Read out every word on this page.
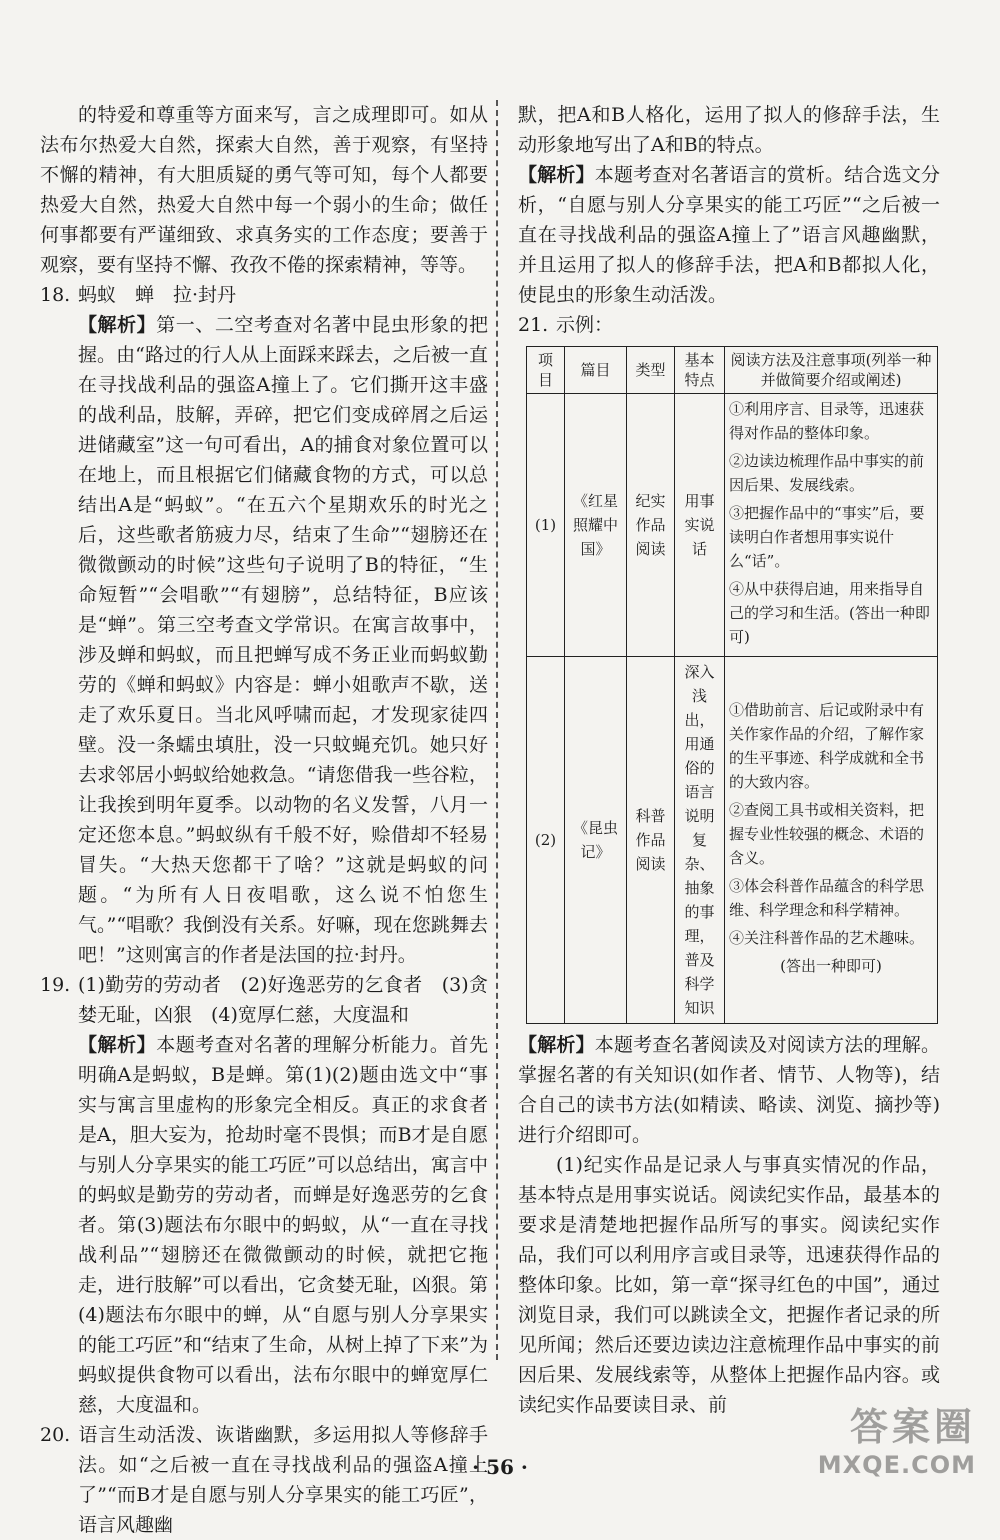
的特爱和尊重等方面来写，言之成理即可。如从法布尔热爱大自然，探索大自然，善于观察，有坚持不懈的精神，有大胆质疑的勇气等可知，每个人都要热爱大自然，热爱大自然中每一个弱小的生命；做任何事都要有严谨细致、求真务实的工作态度；要善于观察，要有坚持不懈、孜孜不倦的探索精神，等等。

18. 蚂蚁　蝉　拉·封丹

【解析】第一、二空考查对名著中昆虫形象的把握。由“路过的行人从上面踩来踩去，之后被一直在寻找战利品的强盗A撞上了。它们撕开这丰盛的战利品，肢解，弄碎，把它们变成碎屑之后运进储藏室”这一句可看出，A的捕食对象位置可以在地上，而且根据它们储藏食物的方式，可以总结出A是“蚂蚁”。“在五六个星期欢乐的时光之后，这些歌者筋疲力尽，结束了生命”“翅膀还在微微颤动的时候”这些句子说明了B的特征，“生命短暂”“会唱歌”“有翅膀”，总结特征，B应该是“蝉”。第三空考查文学常识。在寓言故事中，涉及蝉和蚂蚁，而且把蝉写成不务正业而蚂蚁勤劳的《蝉和蚂蚁》内容是：蝉小姐歌声不歇，送走了欢乐夏日。当北风呼啸而起，才发现家徒四壁。没一条蠕虫填肚，没一只蚊蝇充饥。她只好去求邻居小蚂蚁给她救急。“请您借我一些谷粒，让我挨到明年夏季。以动物的名义发誓，八月一定还您本息。”蚂蚁纵有千般不好，赊借却不轻易冒失。“大热天您都干了啥？”这就是蚂蚁的问题。“为所有人日夜唱歌，这么说不怕您生气。”“唱歌？我倒没有关系。好嘛，现在您跳舞去吧！”这则寓言的作者是法国的拉·封丹。

19. (1)勤劳的劳动者　(2)好逸恶劳的乞食者　(3)贪婪无耻，凶狠　(4)宽厚仁慈，大度温和

【解析】本题考查对名著的理解分析能力。首先明确A是蚂蚁，B是蝉。第(1)(2)题由选文中“事实与寓言里虚构的形象完全相反。真正的求食者是A，胆大妄为，抢劫时毫不畏惧；而B才是自愿与别人分享果实的能工巧匠”可以总结出，寓言中的蚂蚁是勤劳的劳动者，而蝉是好逸恶劳的乞食者。第(3)题法布尔眼中的蚂蚁，从“一直在寻找战利品”“翅膀还在微微颤动的时候，就把它拖走，进行肢解”可以看出，它贪婪无耻，凶狠。第(4)题法布尔眼中的蝉，从“自愿与别人分享果实的能工巧匠”和“结束了生命，从树上掉了下来”为蚂蚁提供食物可以看出，法布尔眼中的蝉宽厚仁慈，大度温和。

20. 语言生动活泼、诙谐幽默，多运用拟人等修辞手法。如“之后被一直在寻找战利品的强盗A撞上了”“而B才是自愿与别人分享果实的能工巧匠”，语言风趣幽

默，把A和B人格化，运用了拟人的修辞手法，生动形象地写出了A和B的特点。

【解析】本题考查对名著语言的赏析。结合选文分析，“自愿与别人分享果实的能工巧匠”“之后被一直在寻找战利品的强盗A撞上了”语言风趣幽默，并且运用了拟人的修辞手法，把A和B都拟人化，使昆虫的形象生动活泼。

21. 示例：

项目	篇目	类型	基本特点	阅读方法及注意事项(列举一种并做简要介绍或阐述)
(1)	《红星照耀中国》	纪实作品阅读	用事实说话	①利用序言、目录等，迅速获得对作品的整体印象。
②边读边梳理作品中事实的前因后果、发展线索。
③把握作品中的“事实”后，要读明白作者想用事实说什么“话”。
④从中获得启迪，用来指导自己的学习和生活。(答出一种即可)

(2)	《昆虫记》	科普作品阅读	深入浅出，用通俗的语言说明复杂、抽象的事理，普及科学知识	①借助前言、后记或附录中有关作家作品的介绍，了解作家的生平事迹、科学成就和全书的大致内容。
②查阅工具书或相关资料，把握专业性较强的概念、术语的含义。
③体会科普作品蕴含的科学思维、科学理念和科学精神。
④关注科普作品的艺术趣味。
(答出一种即可)

【解析】本题考查名著阅读及对阅读方法的理解。掌握名著的有关知识(如作者、情节、人物等)，结合自己的读书方法(如精读、略读、浏览、摘抄等)进行介绍即可。

(1)纪实作品是记录人与事真实情况的作品，基本特点是用事实说话。阅读纪实作品，最基本的要求是清楚地把握作品所写的事实。阅读纪实作品，我们可以利用序言或目录等，迅速获得作品的整体印象。比如，第一章“探寻红色的中国”，通过浏览目录，我们可以跳读全文，把握作者记录的所见所闻；然后还要边读边注意梳理作品中事实的前因后果、发展线索等，从整体上把握作品内容。或读纪实作品要读目录、前

· 56 ·
答案圈
MXQE.COM
